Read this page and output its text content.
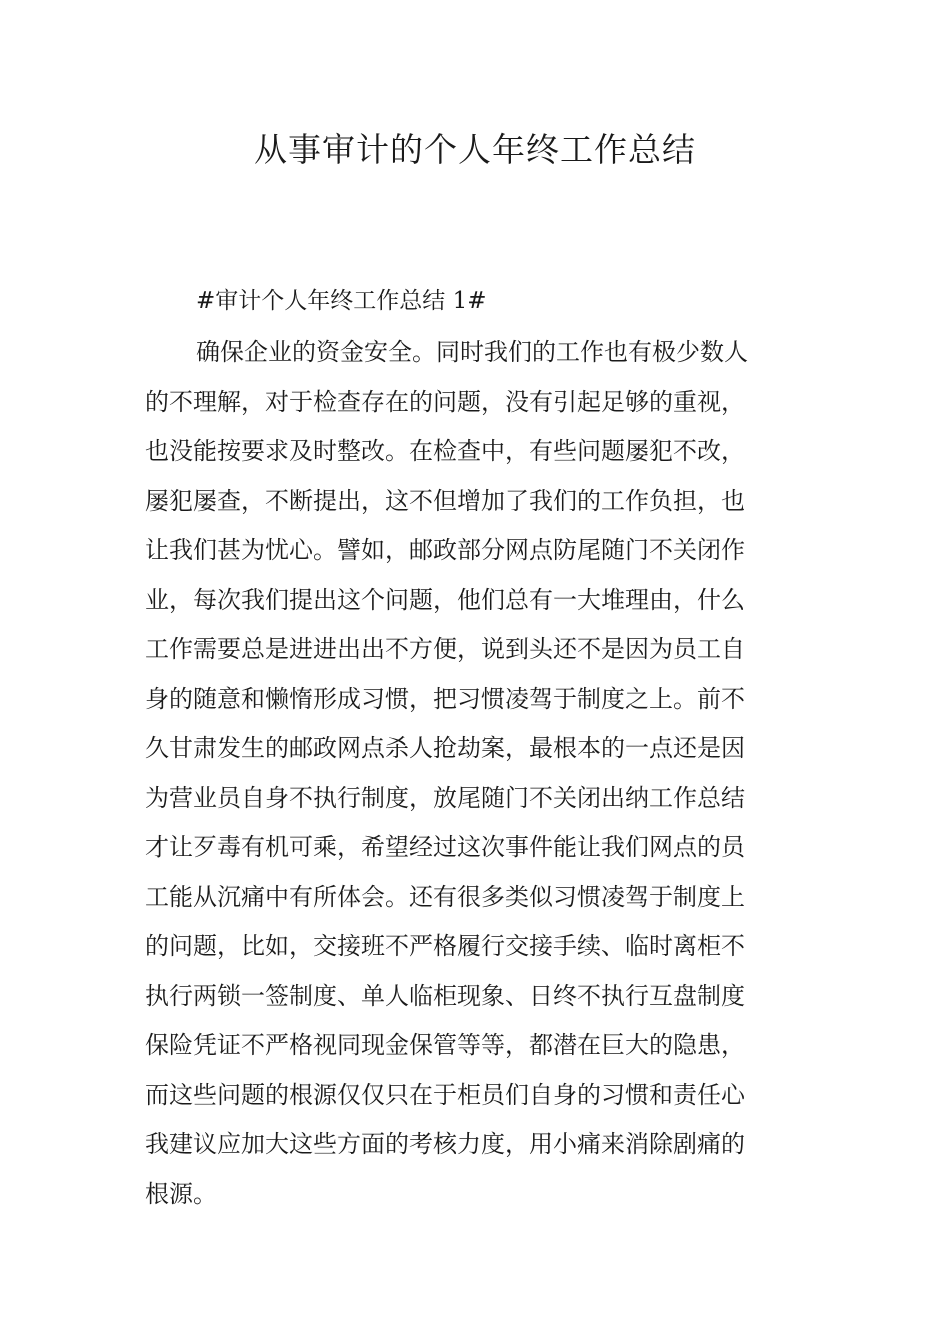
从事审计的个人年终工作总结

#审计个人年终工作总结 1#

确保企业的资金安全。同时我们的工作也有极少数人
的不理解，对于检查存在的问题，没有引起足够的重视，
也没能按要求及时整改。在检查中，有些问题屡犯不改，
屡犯屡查，不断提出，这不但增加了我们的工作负担，也
让我们甚为忧心。譬如，邮政部分网点防尾随门不关闭作
业，每次我们提出这个问题，他们总有一大堆理由，什么
工作需要总是进进出出不方便，说到头还不是因为员工自
身的随意和懒惰形成习惯，把习惯凌驾于制度之上。前不
久甘肃发生的邮政网点杀人抢劫案，最根本的一点还是因
为营业员自身不执行制度，放尾随门不关闭出纳工作总结
才让歹毒有机可乘，希望经过这次事件能让我们网点的员
工能从沉痛中有所体会。还有很多类似习惯凌驾于制度上
的问题，比如，交接班不严格履行交接手续、临时离柜不
执行两锁一签制度、单人临柜现象、日终不执行互盘制度
保险凭证不严格视同现金保管等等，都潜在巨大的隐患，
而这些问题的根源仅仅只在于柜员们自身的习惯和责任心
我建议应加大这些方面的考核力度，用小痛来消除剧痛的
根源。
